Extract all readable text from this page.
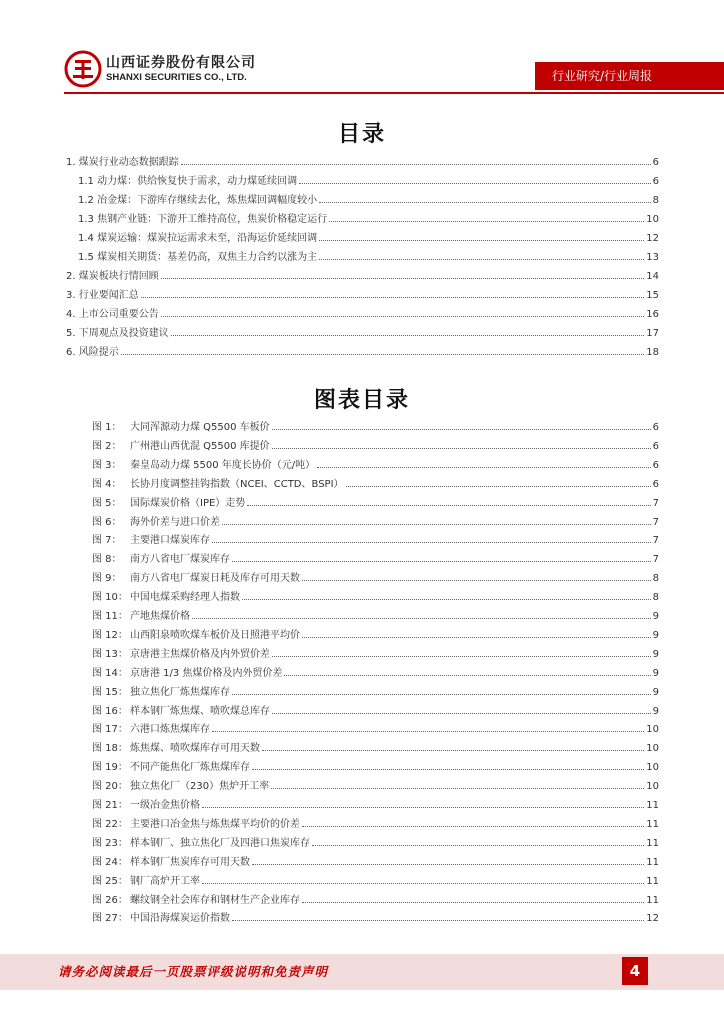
山西证券股份有限公司
SHANXI SECURITIES CO., LTD.	行业研究/行业周报
目录
1. 煤炭行业动态数据跟踪	6
1.1 动力煤：供给恢复快于需求，动力煤延续回调	6
1.2 冶金煤：下游库存继续去化，炼焦煤回调幅度较小	8
1.3 焦钢产业链：下游开工维持高位，焦炭价格稳定运行	10
1.4 煤炭运输：煤炭拉运需求未至，沿海运价延续回调	12
1.5 煤炭相关期货：基差仍高，双焦主力合约以涨为主	13
2. 煤炭板块行情回顾	14
3. 行业要闻汇总	15
4. 上市公司重要公告	16
5. 下周观点及投资建议	17
6. 风险提示	18
图表目录
图 1： 大同浑源动力煤 Q5500 车板价	6
图 2： 广州港山西优混 Q5500 库提价	6
图 3： 秦皇岛动力煤 5500 年度长协价（元/吨）	6
图 4： 长协月度调整挂钩指数（NCEI、CCTD、BSPI）	6
图 5： 国际煤炭价格（IPE）走势	7
图 6： 海外价差与进口价差	7
图 7： 主要港口煤炭库存	7
图 8： 南方八省电厂煤炭库存	7
图 9： 南方八省电厂煤炭日耗及库存可用天数	8
图 10： 中国电煤采购经理人指数	8
图 11： 产地焦煤价格	9
图 12： 山西阳泉喷吹煤车板价及日照港平均价	9
图 13： 京唐港主焦煤价格及内外贸价差	9
图 14： 京唐港 1/3 焦煤价格及内外贸价差	9
图 15： 独立焦化厂炼焦煤库存	9
图 16： 样本钢厂炼焦煤、喷吹煤总库存	9
图 17： 六港口炼焦煤库存	10
图 18： 炼焦煤、喷吹煤库存可用天数	10
图 19： 不同产能焦化厂炼焦煤库存	10
图 20： 独立焦化厂（230）焦炉开工率	10
图 21： 一级冶金焦价格	11
图 22： 主要港口冶金焦与炼焦煤平均价的价差	11
图 23： 样本钢厂、独立焦化厂及四港口焦炭库存	11
图 24： 样本钢厂焦炭库存可用天数	11
图 25： 钢厂高炉开工率	11
图 26： 螺纹钢全社会库存和钢材生产企业库存	11
图 27： 中国沿海煤炭运价指数	12
请务必阅读最后一页股票评级说明和免责声明	4
